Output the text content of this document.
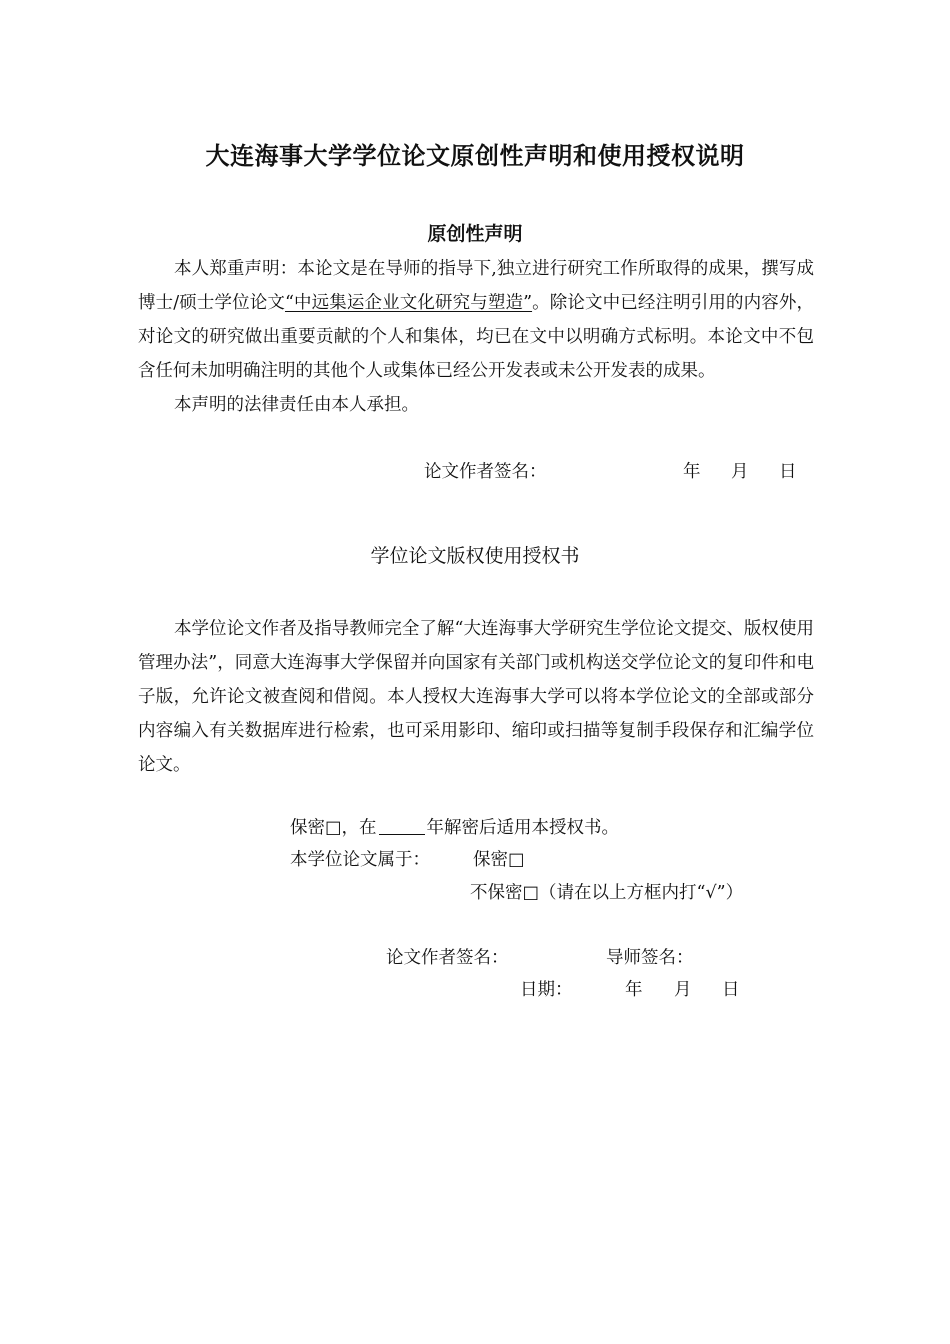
大连海事大学学位论文原创性声明和使用授权说明
原创性声明
本人郑重声明：本论文是在导师的指导下,独立进行研究工作所取得的成果，撰写成博士/硕士学位论文“中远集运企业文化研究与塑造”。除论文中已经注明引用的内容外，对论文的研究做出重要贡献的个人和集体，均已在文中以明确方式标明。本论文中不包含任何未加明确注明的其他个人或集体已经公开发表或未公开发表的成果。
本声明的法律责任由本人承担。
论文作者签名：	年 月 日
学位论文版权使用授权书
本学位论文作者及指导教师完全了解“大连海事大学研究生学位论文提交、版权使用管理办法”，同意大连海事大学保留并向国家有关部门或机构送交学位论文的复印件和电子版，允许论文被查阅和借阅。本人授权大连海事大学可以将本学位论文的全部或部分内容编入有关数据库进行检索，也可采用影印、缩印或扫描等复制手段保存和汇编学位论文。
保密□，在	年解密后适用本授权书。
本学位论文属于： 保密□
不保密□（请在以上方框内打“√”）
论文作者签名：	导师签名：
日期：	年 月 日
